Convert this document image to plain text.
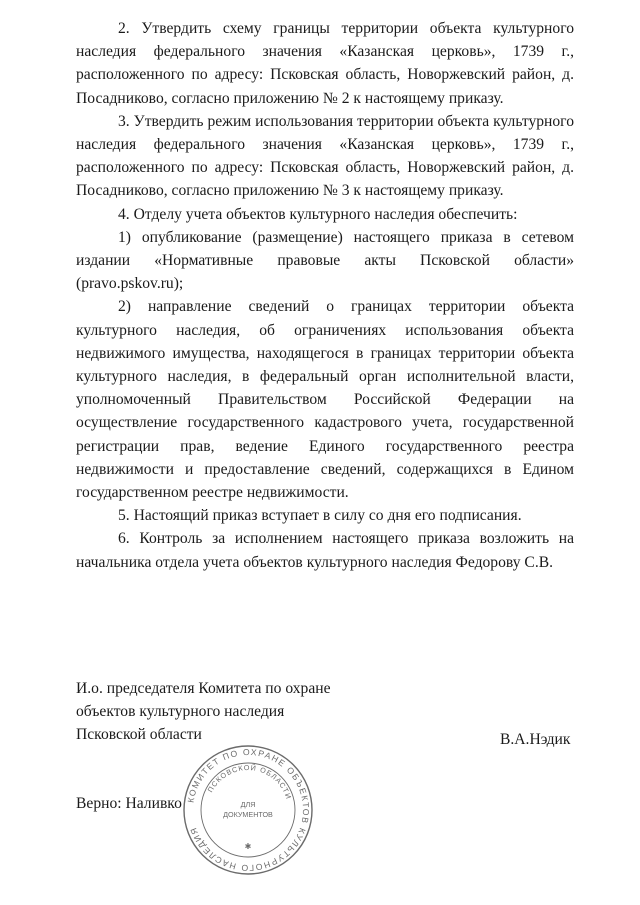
2. Утвердить схему границы территории объекта культурного наследия федерального значения «Казанская церковь», 1739 г., расположенного по адресу: Псковская область, Новоржевский район, д. Посадниково, согласно приложению № 2 к настоящему приказу.

3. Утвердить режим использования территории объекта культурного наследия федерального значения «Казанская церковь», 1739 г., расположенного по адресу: Псковская область, Новоржевский район, д. Посадниково, согласно приложению № 3 к настоящему приказу.

4. Отделу учета объектов культурного наследия обеспечить:

1) опубликование (размещение) настоящего приказа в сетевом издании «Нормативные правовые акты Псковской области» (pravo.pskov.ru);

2) направление сведений о границах территории объекта культурного наследия, об ограничениях использования объекта недвижимого имущества, находящегося в границах территории объекта культурного наследия, в федеральный орган исполнительной власти, уполномоченный Правительством Российской Федерации на осуществление государственного кадастрового учета, государственной регистрации прав, ведение Единого государственного реестра недвижимости и предоставление сведений, содержащихся в Едином государственном реестре недвижимости.

5. Настоящий приказ вступает в силу со дня его подписания.

6. Контроль за исполнением настоящего приказа возложить на начальника отдела учета объектов культурного наследия Федорову С.В.

И.о. председателя Комитета по охране
объектов культурного наследия
Псковской области	В.А.Нэдик
Верно: Наливко КОМИТЕТ ПО ОХРАНЕ ОБЪЕКТОВ КУЛЬТУРНОГО НАСЛЕДИЯ
ПСКОВСКОЙ ОБЛАСТИ
ДЛЯ
ДОКУМЕНТОВ
✱
